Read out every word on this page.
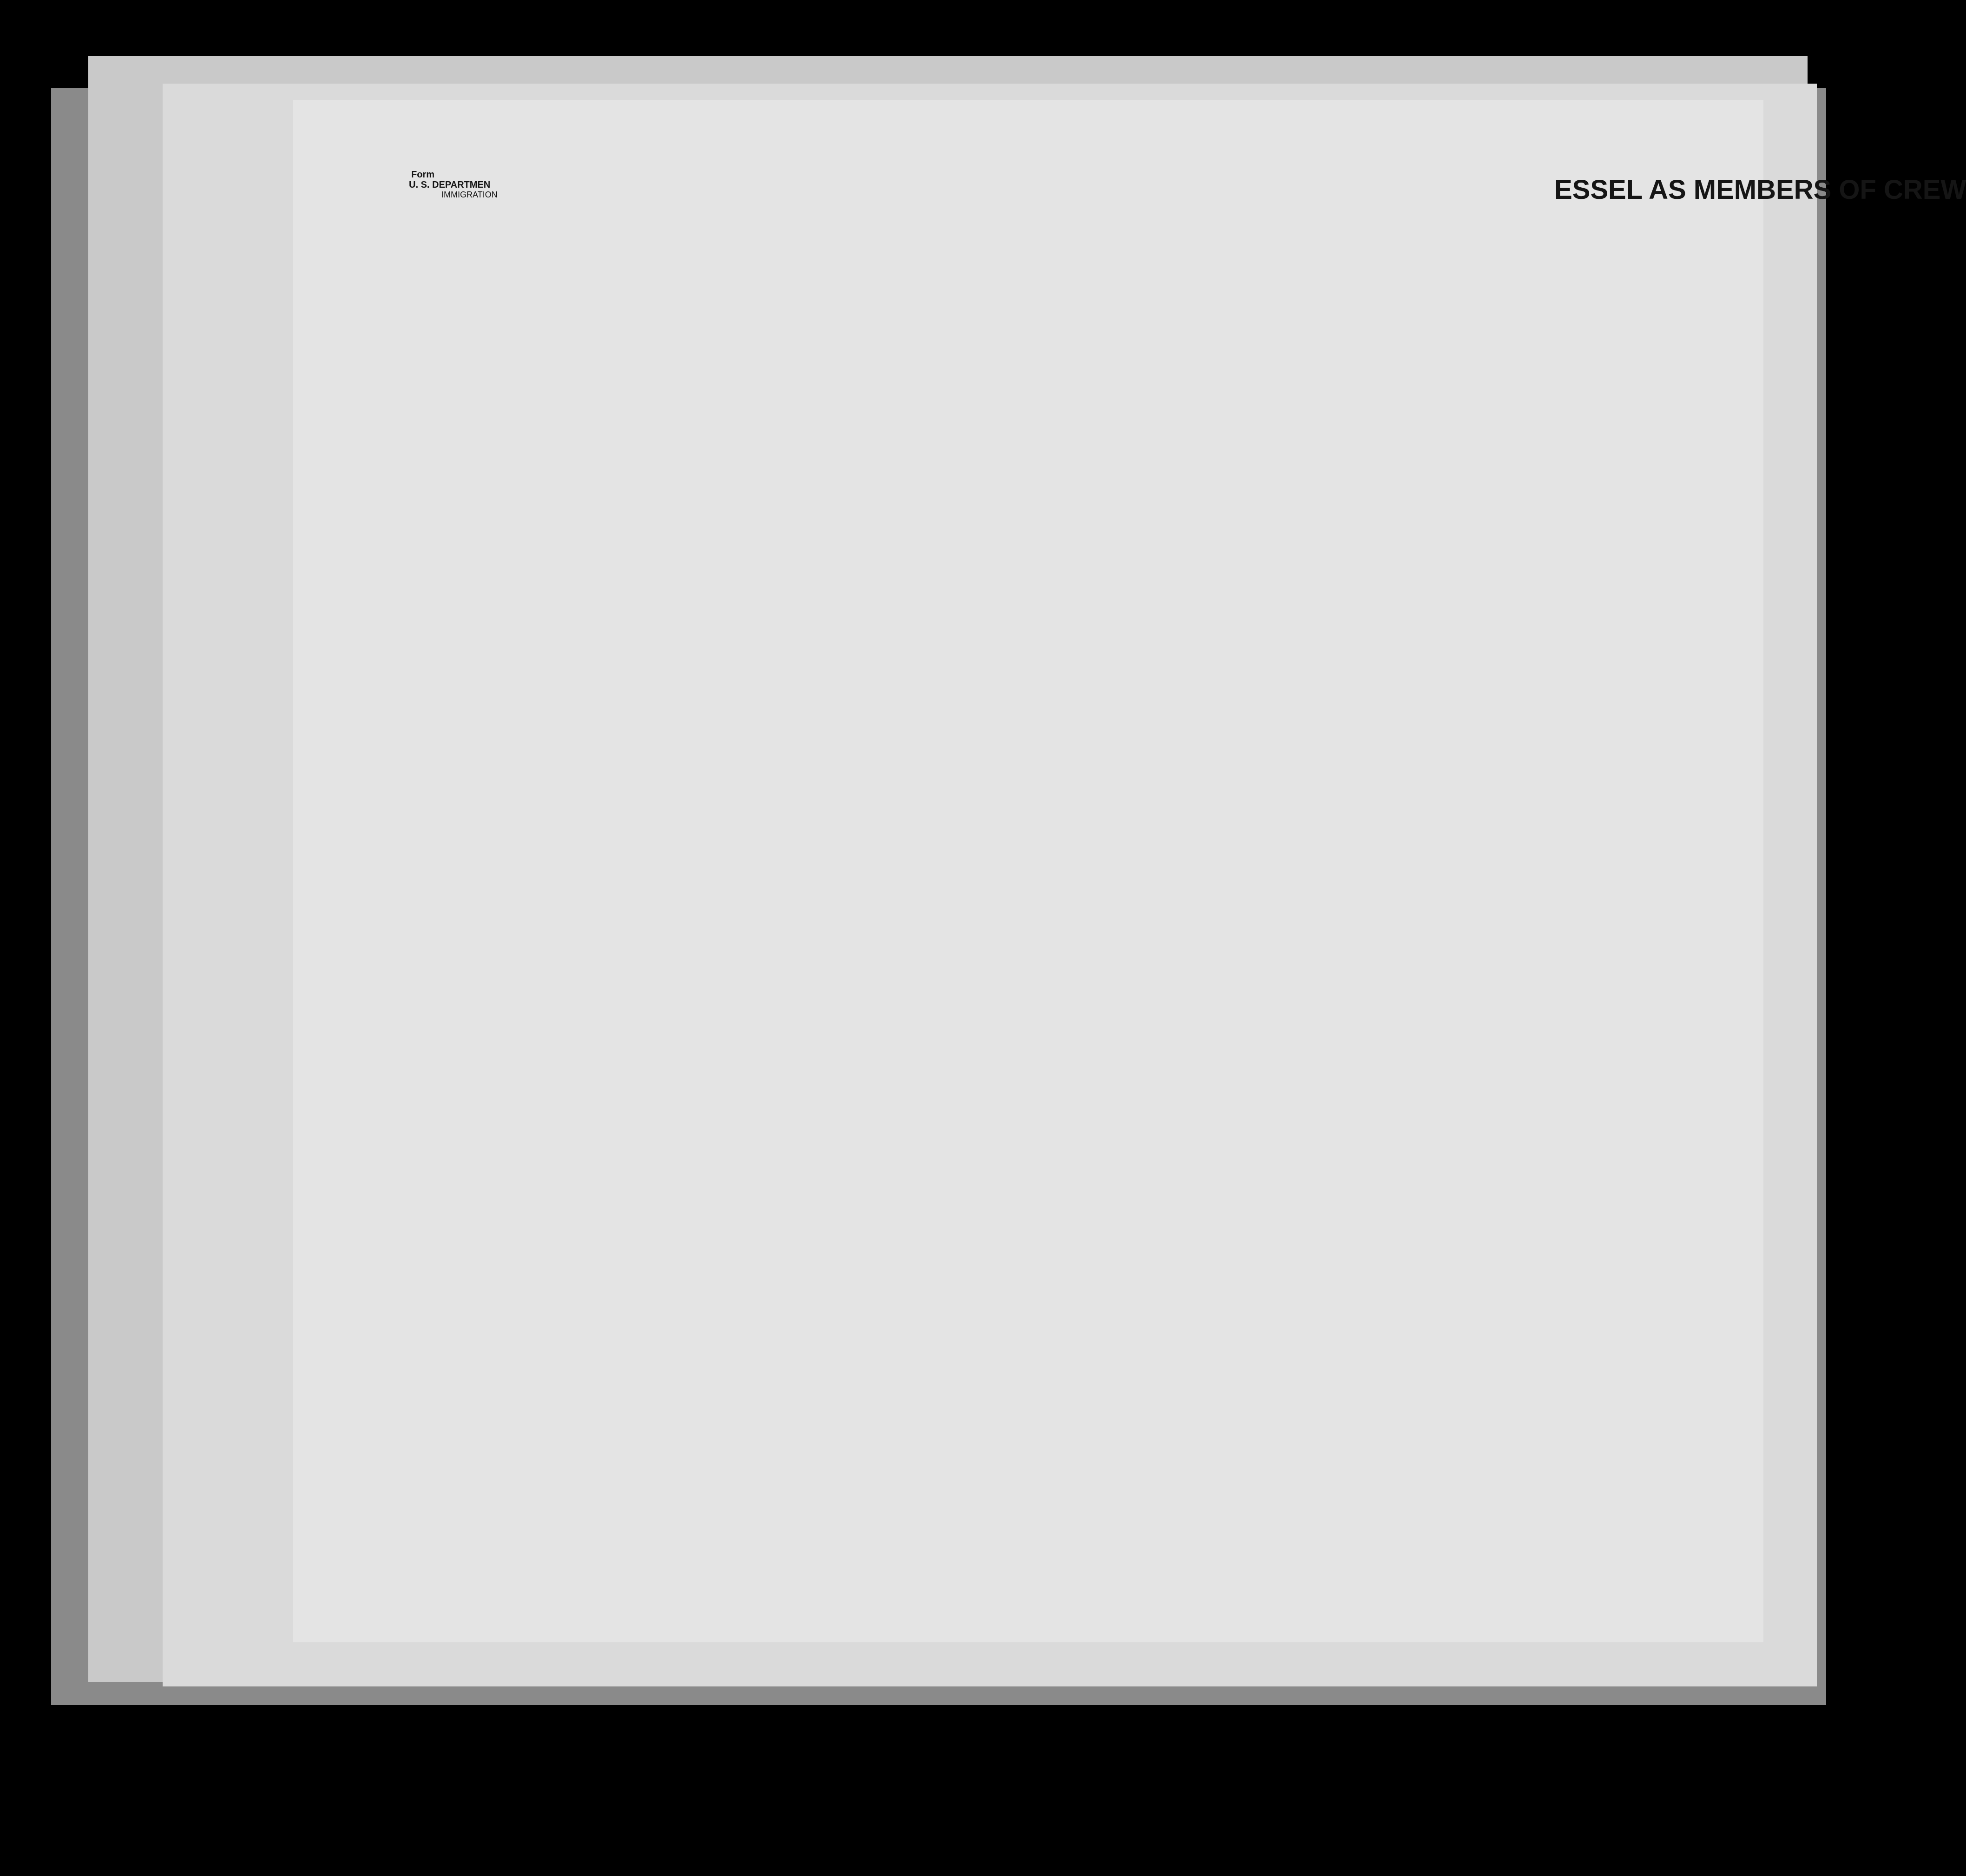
Form
U. S. DEPARTMEN
IMMIGRATION	ESSEL AS MEMBERS OF CREW
